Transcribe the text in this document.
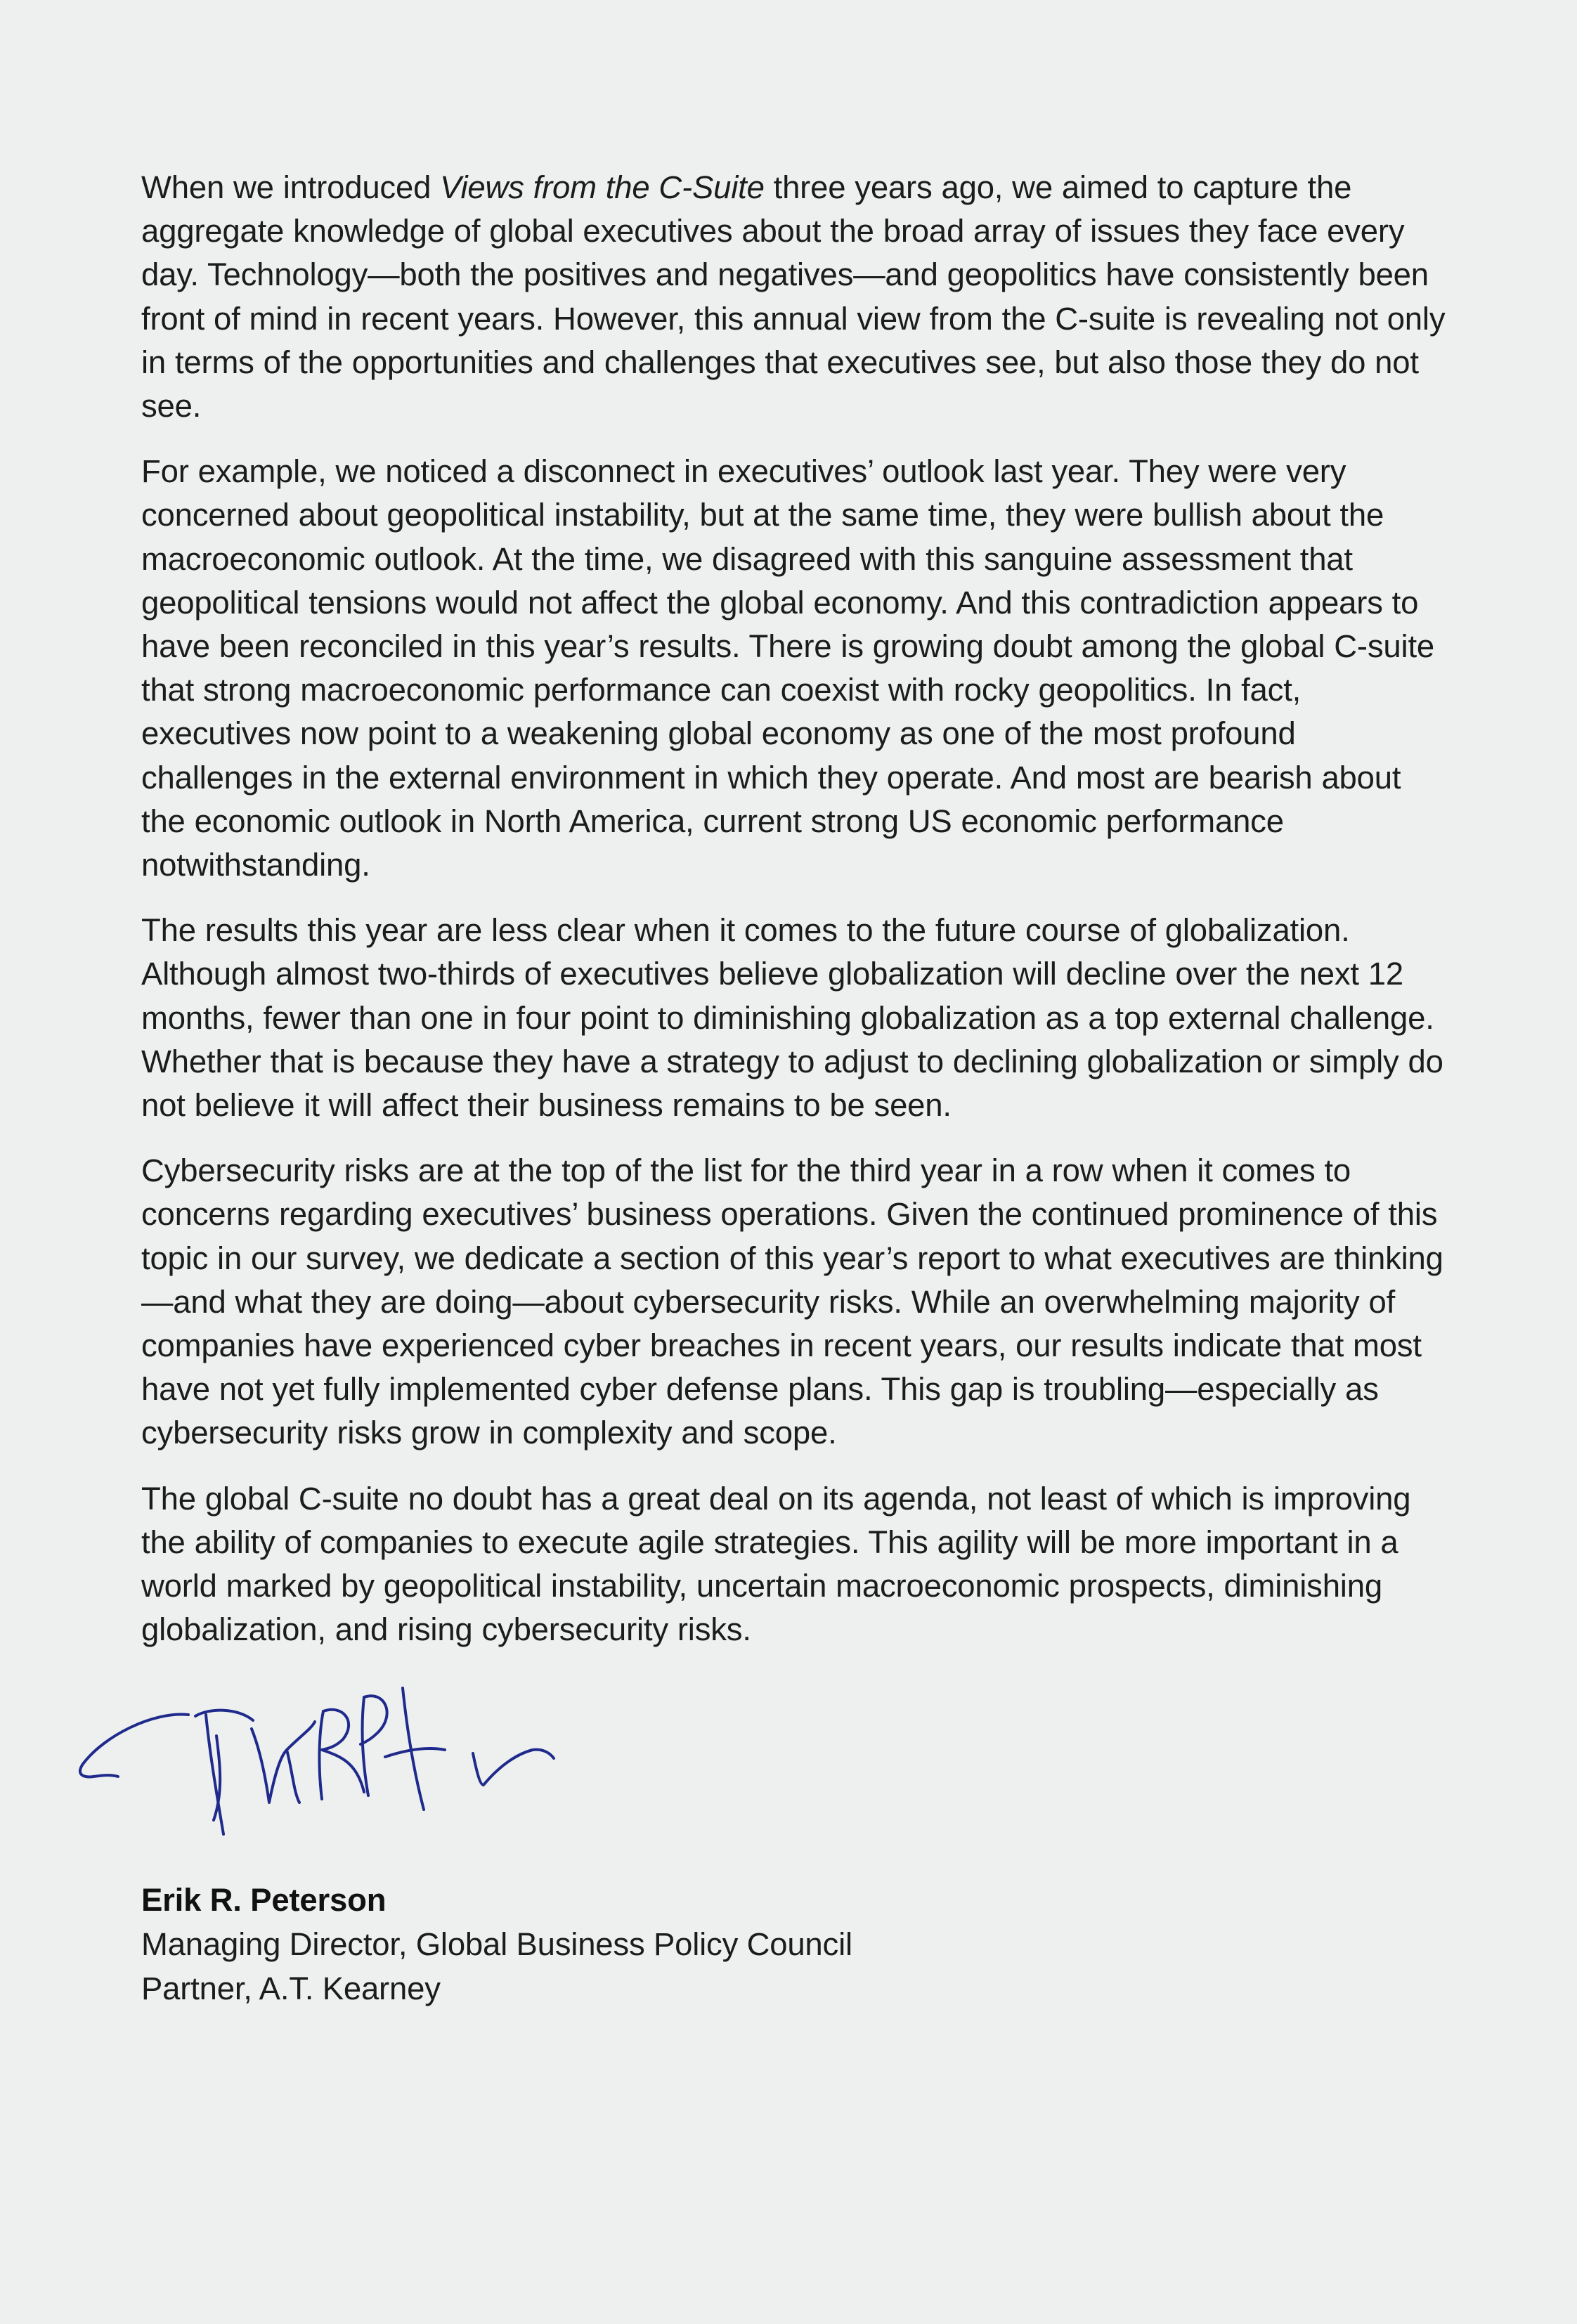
When we introduced Views from the C-Suite three years ago, we aimed to capture the aggregate knowledge of global executives about the broad array of issues they face every day. Technology—both the positives and negatives—and geopolitics have consistently been front of mind in recent years. However, this annual view from the C-suite is revealing not only in terms of the opportunities and challenges that executives see, but also those they do not see.

For example, we noticed a disconnect in executives’ outlook last year. They were very concerned about geopolitical instability, but at the same time, they were bullish about the macroeconomic outlook. At the time, we disagreed with this sanguine assessment that geopolitical tensions would not affect the global economy. And this contradiction appears to have been reconciled in this year’s results. There is growing doubt among the global C-suite that strong macroeconomic performance can coexist with rocky geopolitics. In fact, executives now point to a weakening global economy as one of the most profound challenges in the external environment in which they operate. And most are bearish about the economic outlook in North America, current strong US economic performance notwithstanding.

The results this year are less clear when it comes to the future course of globalization. Although almost two-thirds of executives believe globalization will decline over the next 12 months, fewer than one in four point to diminishing globalization as a top external challenge. Whether that is because they have a strategy to adjust to declining globalization or simply do not believe it will affect their business remains to be seen.

Cybersecurity risks are at the top of the list for the third year in a row when it comes to concerns regarding executives’ business operations. Given the continued prominence of this topic in our survey, we dedicate a section of this year’s report to what executives are thinking—and what they are doing—about cybersecurity risks. While an overwhelming majority of companies have experienced cyber breaches in recent years, our results indicate that most have not yet fully implemented cyber defense plans. This gap is troubling—especially as cybersecurity risks grow in complexity and scope.

The global C-suite no doubt has a great deal on its agenda, not least of which is improving the ability of companies to execute agile strategies. This agility will be more important in a world marked by geopolitical instability, uncertain macroeconomic prospects, diminishing globalization, and rising cybersecurity risks.

Erik R. Peterson
Managing Director, Global Business Policy Council
Partner, A.T. Kearney
